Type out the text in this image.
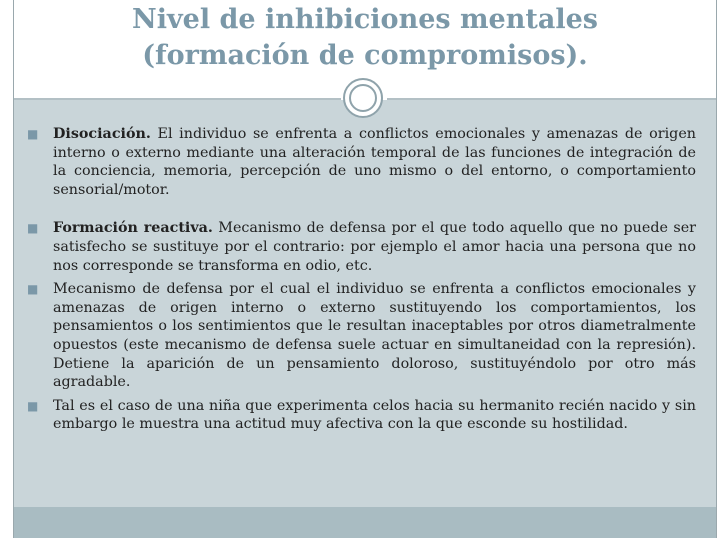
Nivel de inhibiciones mentales
(formación de compromisos).
■ Disociación. El individuo se enfrenta a conflictos emocionales y amenazas de origen interno o externo mediante una alteración temporal de las funciones de integración de la conciencia, memoria, percepción de uno mismo o del entorno, o comportamiento sensorial/motor.
■ Formación reactiva. Mecanismo de defensa por el que todo aquello que no puede ser satisfecho se sustituye por el contrario: por ejemplo el amor hacia una persona que no nos corresponde se transforma en odio, etc.
■ Mecanismo de defensa por el cual el individuo se enfrenta a conflictos emocionales y amenazas de origen interno o externo sustituyendo los comportamientos, los pensamientos o los sentimientos que le resultan inaceptables por otros diametralmente opuestos (este mecanismo de defensa suele actuar en simultaneidad con la represión). Detiene la aparición de un pensamiento doloroso, sustituyéndolo por otro más agradable.
■ Tal es el caso de una niña que experimenta celos hacia su hermanito recién nacido y sin embargo le muestra una actitud muy afectiva con la que esconde su hostilidad.
